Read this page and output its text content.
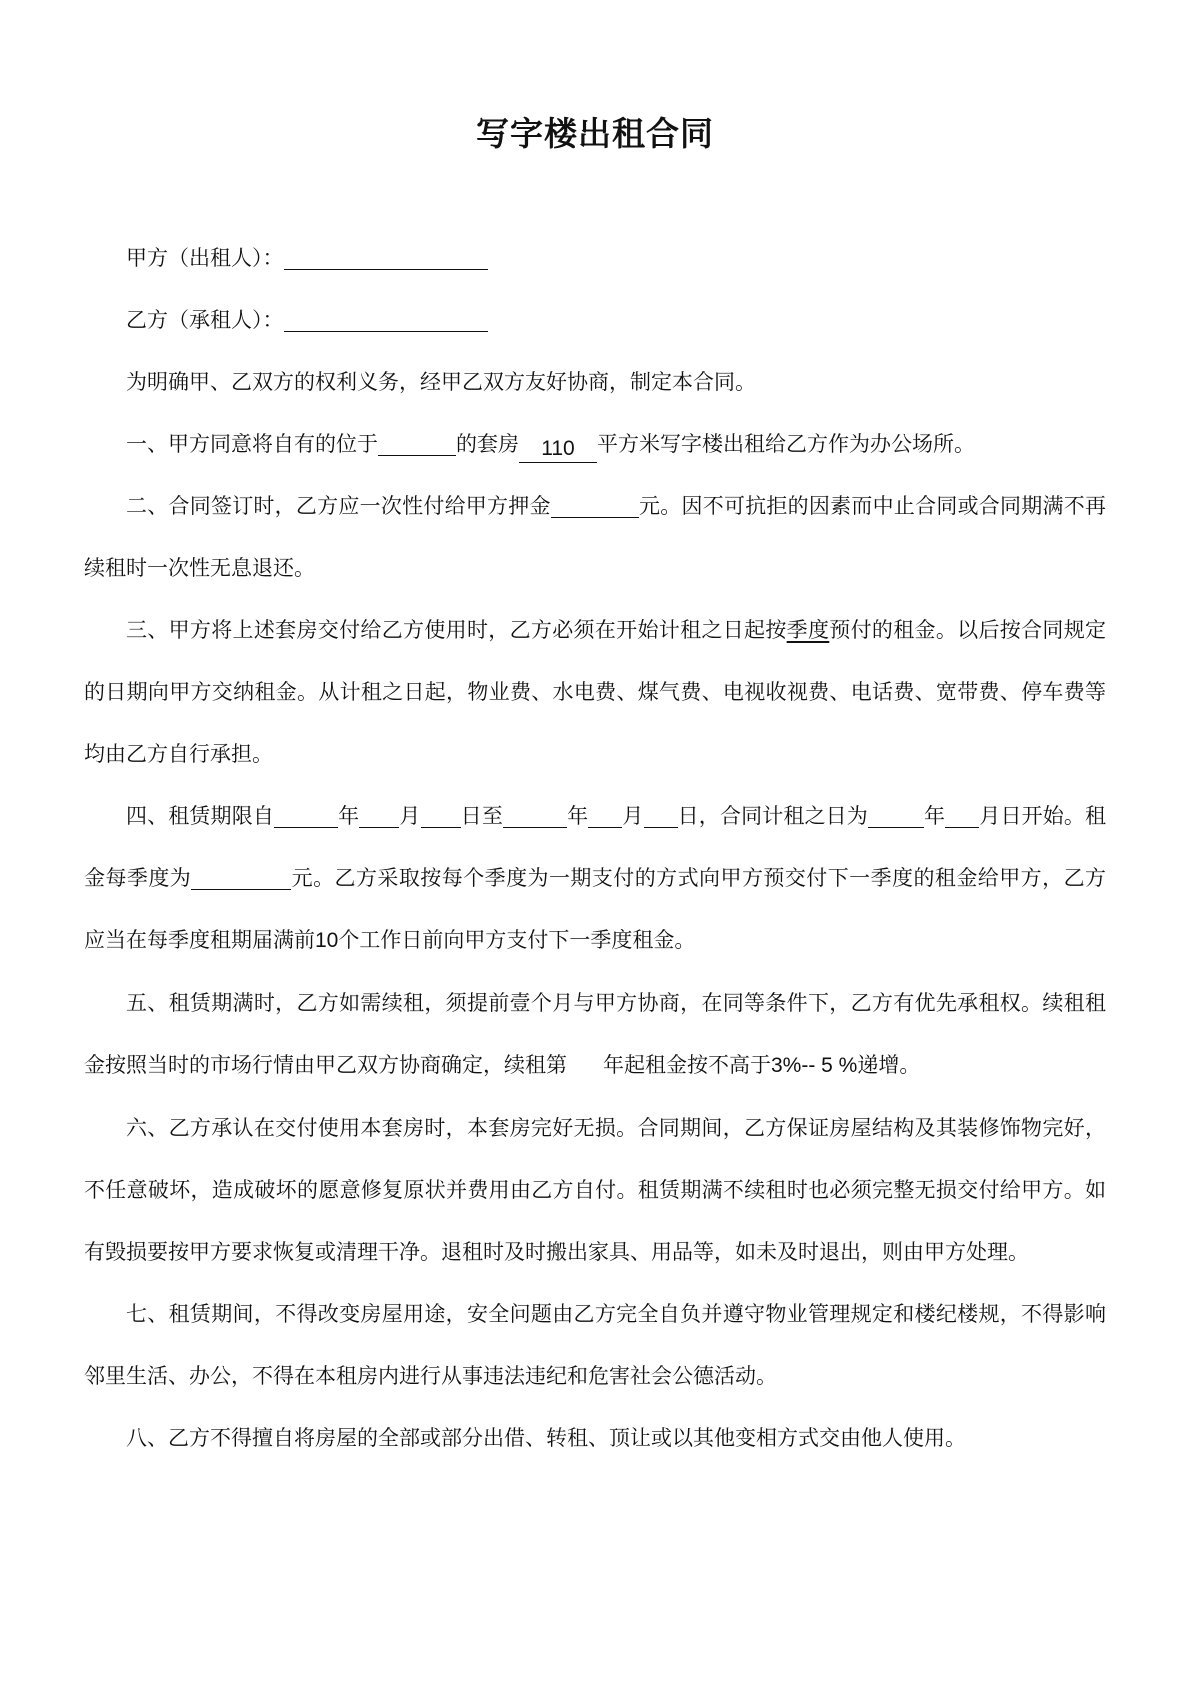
写字楼出租合同

甲方（出租人）：

乙方（承租人）：

为明确甲、乙双方的权利义务，经甲乙双方友好协商，制定本合同。

一、甲方同意将自有的位于	的套房 110 平方米写字楼出租给乙方作为办公场所。

二、合同签订时，乙方应一次性付给甲方押金	元。因不可抗拒的因素而中止合同或合同期满不再续租时一次性无息退还。

三、甲方将上述套房交付给乙方使用时，乙方必须在开始计租之日起按季度预付的租金。以后按合同规定的日期向甲方交纳租金。从计租之日起，物业费、水电费、煤气费、电视收视费、电话费、宽带费、停车费等均由乙方自行承担。

四、租赁期限自	年 月 日至	年 月 日，合同计租之日为	年 月日开始。租金每季度为	元。乙方采取按每个季度为一期支付的方式向甲方预交付下一季度的租金给甲方，乙方应当在每季度租期届满前10个工作日前向甲方支付下一季度租金。

五、租赁期满时，乙方如需续租，须提前壹个月与甲方协商，在同等条件下，乙方有优先承租权。续租租金按照当时的市场行情由甲乙双方协商确定，续租第 年起租金按不高于3%-- 5 %递增。

六、乙方承认在交付使用本套房时，本套房完好无损。合同期间，乙方保证房屋结构及其装修饰物完好，不任意破坏，造成破坏的愿意修复原状并费用由乙方自付。租赁期满不续租时也必须完整无损交付给甲方。如有毁损要按甲方要求恢复或清理干净。退租时及时搬出家具、用品等，如未及时退出，则由甲方处理。

七、租赁期间，不得改变房屋用途，安全问题由乙方完全自负并遵守物业管理规定和楼纪楼规，不得影响邻里生活、办公，不得在本租房内进行从事违法违纪和危害社会公德活动。

八、乙方不得擅自将房屋的全部或部分出借、转租、顶让或以其他变相方式交由他人使用。
